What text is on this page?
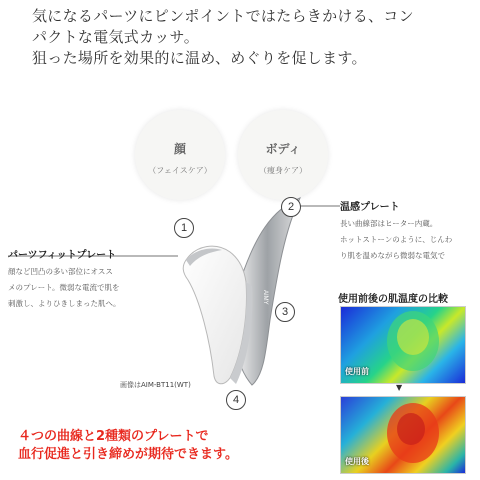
気になるパーツにピンポイントではたらきかける、コン
パクトな電気式カッサ。
狙った場所を効果的に温め、めぐりを促します。
顔
（フェイスケア）
ボディ
（痩身ケア）
AIMY
1
2
3
4
パーツフィットプレート
顔など凹凸の多い部位にオスス
メのプレート。微弱な電流で肌を
刺激し、よりひきしまった肌へ。
温感プレート
長い曲線部はヒーター内蔵。
ホットストーンのように、じんわ
り肌を温めながら微弱な電気で
画像はAIM-BT11(WT)
使用前後の肌温度の比較
使用前
▼
使用後
４つの曲線と2種類のプレートで
血行促進と引き締めが期待できます。
